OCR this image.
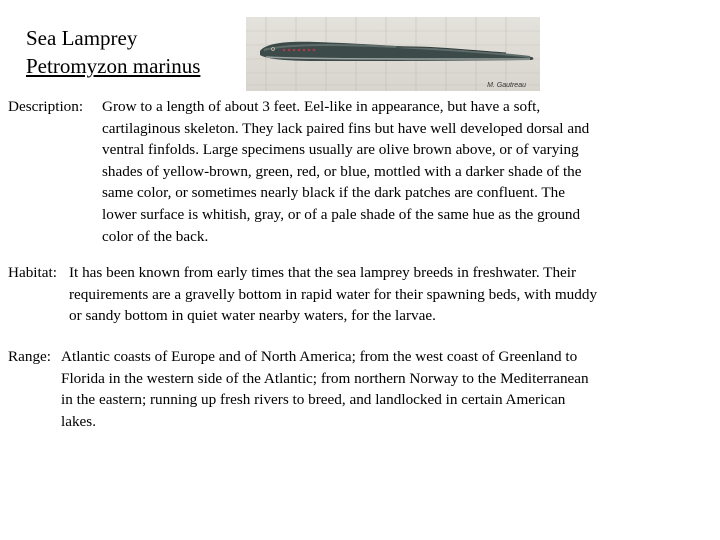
Sea Lamprey
Petromyzon marinus
M. Gautreau
Description: Grow to a length of about 3 feet. Eel-like in appearance, but have a soft,
cartilaginous skeleton. They lack paired fins but have well developed dorsal and
ventral finfolds. Large specimens usually are olive brown above, or of varying
shades of yellow-brown, green, red, or blue, mottled with a darker shade of the
same color, or sometimes nearly black if the dark patches are confluent. The
lower surface is whitish, gray, or of a pale shade of the same hue as the ground
color of the back.
Habitat: It has been known from early times that the sea lamprey breeds in freshwater. Their
requirements are a gravelly bottom in rapid water for their spawning beds, with muddy
or sandy bottom in quiet water nearby waters, for the larvae.
Range: Atlantic coasts of Europe and of North America; from the west coast of Greenland to
Florida in the western side of the Atlantic; from northern Norway to the Mediterranean
in the eastern; running up fresh rivers to breed, and landlocked in certain American
lakes.
